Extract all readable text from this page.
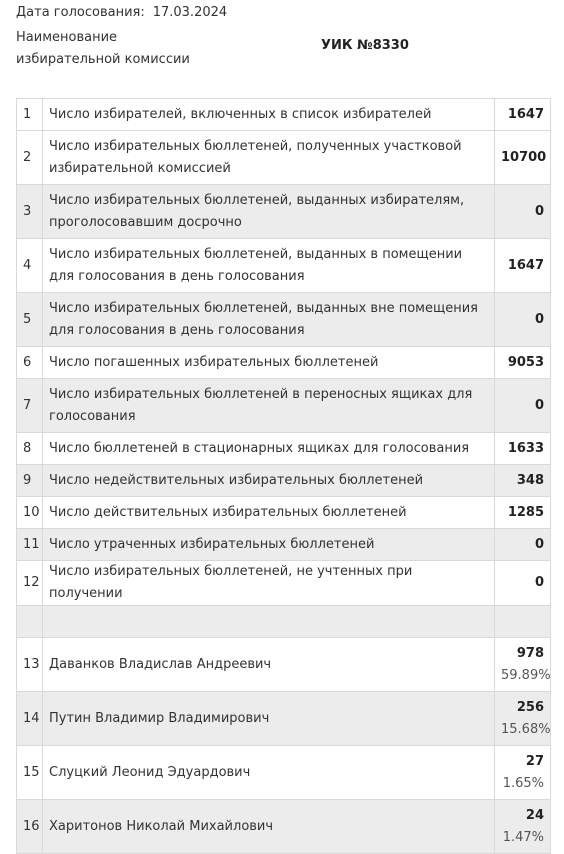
Дата голосования: 17.03.2024
Наименование
избирательной комиссии
УИК №8330
1	Число избирателей, включенных в список избирателей	1647
2	Число избирательных бюллетеней, полученных участковой избирательной комиссией	10700
3	Число избирательных бюллетеней, выданных избирателям, проголосовавшим досрочно	0
4	Число избирательных бюллетеней, выданных в помещении для голосования в день голосования	1647
5	Число избирательных бюллетеней, выданных вне помещения для голосования в день голосования	0
6	Число погашенных избирательных бюллетеней	9053
7	Число избирательных бюллетеней в переносных ящиках для голосования	0
8	Число бюллетеней в стационарных ящиках для голосования	1633
9	Число недействительных избирательных бюллетеней	348
10	Число действительных избирательных бюллетеней	1285
11	Число утраченных избирательных бюллетеней	0
12	Число избирательных бюллетеней, не учтенных при получении	0

13	Даванков Владислав Андреевич	978
59.89%

14	Путин Владимир Владимирович	256
15.68%

15	Слуцкий Леонид Эдуардович	27
1.65%

16	Харитонов Николай Михайлович	24
1.47%
